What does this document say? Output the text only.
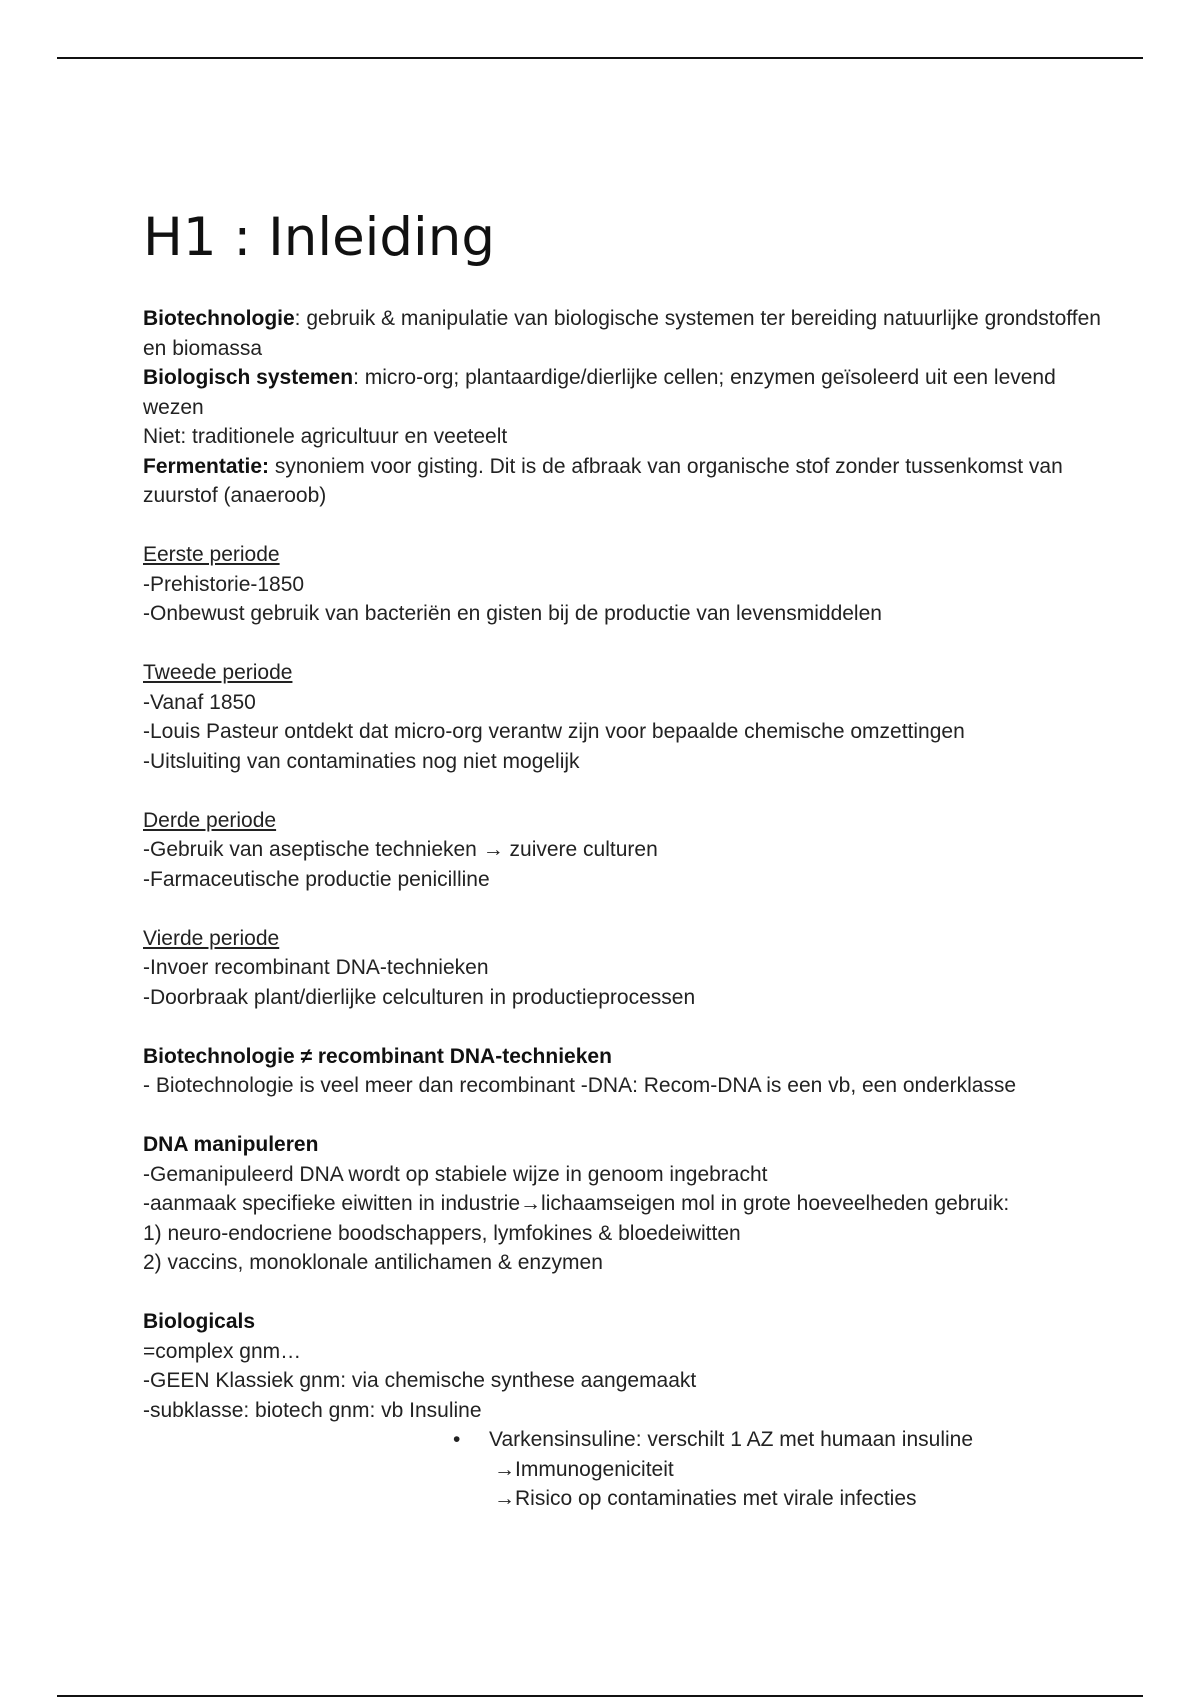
H1 : Inleiding

Biotechnologie: gebruik & manipulatie van biologische systemen ter bereiding natuurlijke grondstoffen en biomassa

Biologisch systemen: micro-org; plantaardige/dierlijke cellen; enzymen geïsoleerd uit een levend wezen

Niet: traditionele agricultuur en veeteelt

Fermentatie: synoniem voor gisting. Dit is de afbraak van organische stof zonder tussenkomst van zuurstof (anaeroob)

Eerste periode

-Prehistorie-1850

-Onbewust gebruik van bacteriën en gisten bij de productie van levensmiddelen

Tweede periode

-Vanaf 1850

-Louis Pasteur ontdekt dat micro-org verantw zijn voor bepaalde chemische omzettingen

-Uitsluiting van contaminaties nog niet mogelijk

Derde periode

-Gebruik van aseptische technieken → zuivere culturen

-Farmaceutische productie penicilline

Vierde periode

-Invoer recombinant DNA-technieken

-Doorbraak plant/dierlijke celculturen in productieprocessen

Biotechnologie ≠ recombinant DNA-technieken

- Biotechnologie is veel meer dan recombinant -DNA: Recom-DNA is een vb, een onderklasse

DNA manipuleren

-Gemanipuleerd DNA wordt op stabiele wijze in genoom ingebracht

-aanmaak specifieke eiwitten in industrie→lichaamseigen mol in grote hoeveelheden gebruik:

1) neuro-endocriene boodschappers, lymfokines & bloedeiwitten

2) vaccins, monoklonale antilichamen & enzymen

Biologicals

=complex gnm…

-GEEN Klassiek gnm: via chemische synthese aangemaakt

-subklasse: biotech gnm: vb Insuline

• Varkensinsuline: verschilt 1 AZ met humaan insuline

→Immunogeniciteit

→Risico op contaminaties met virale infecties
